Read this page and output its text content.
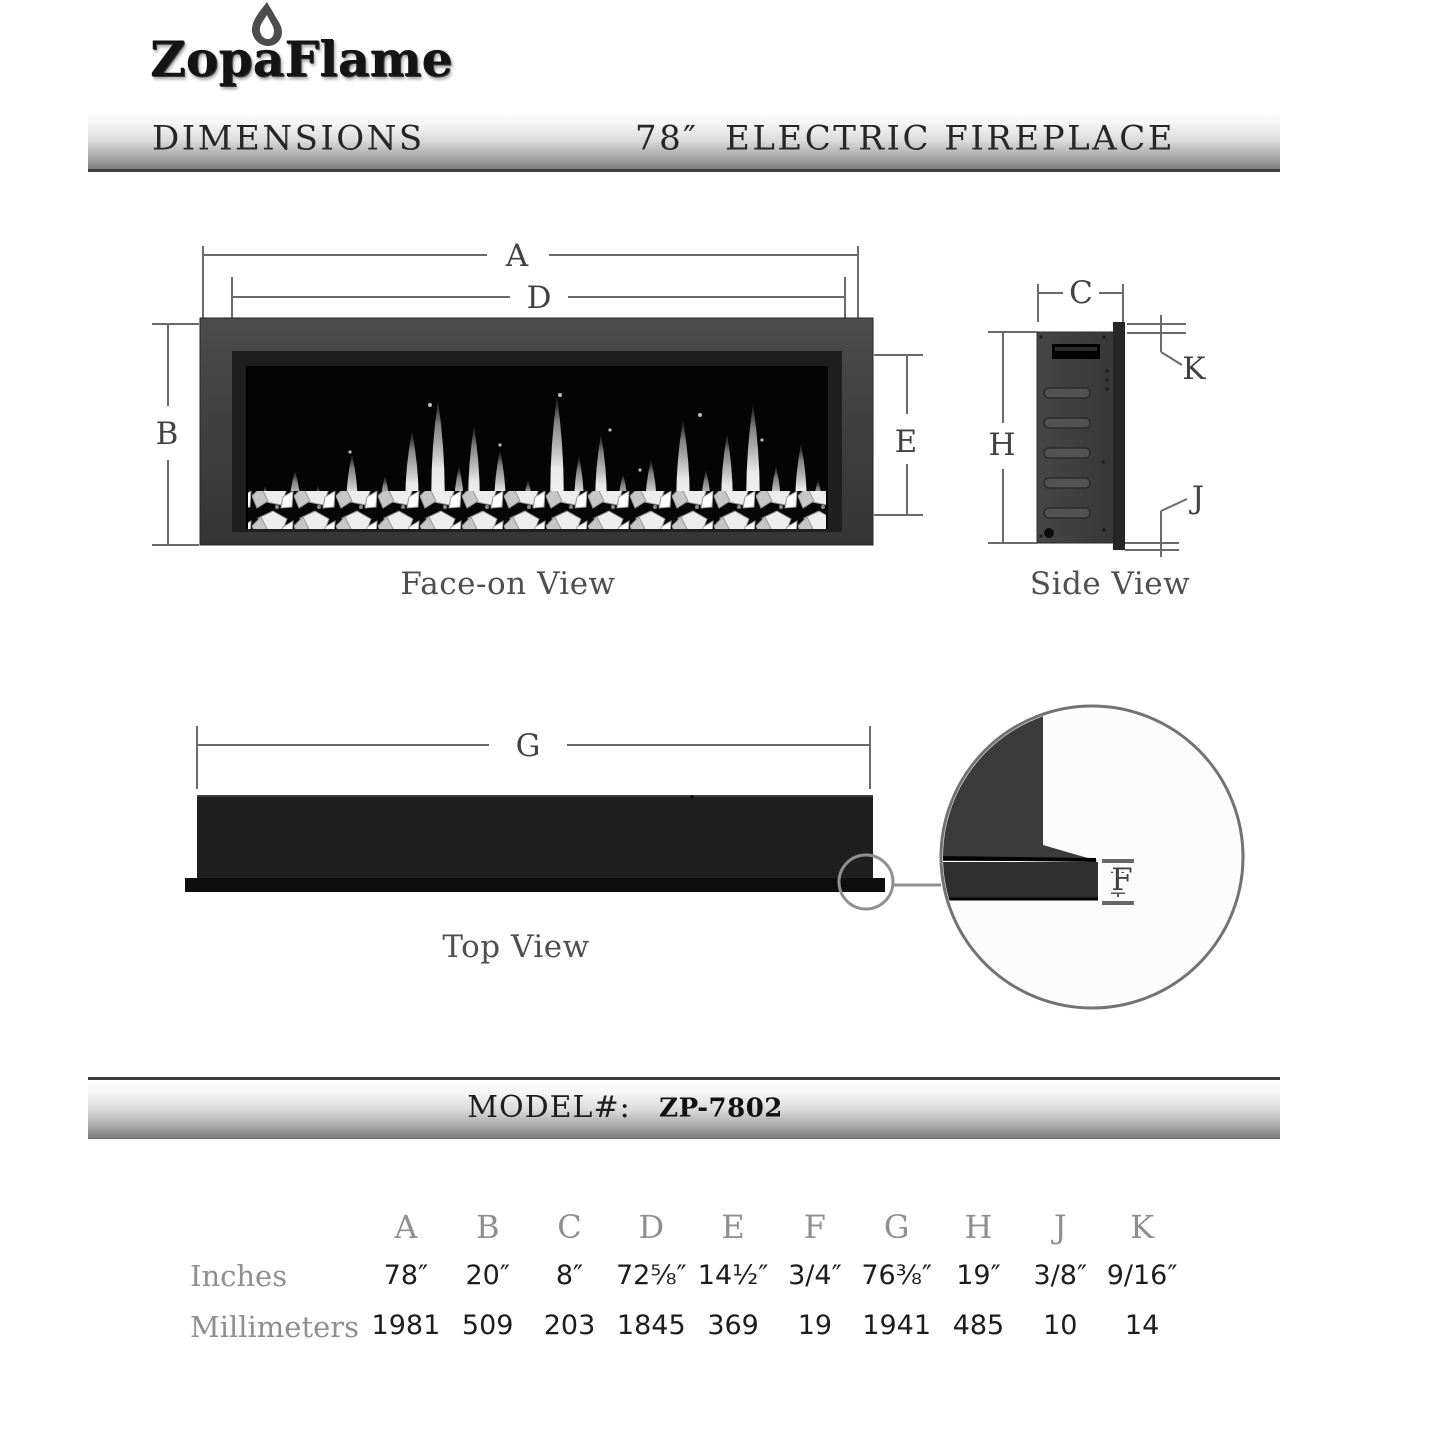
ZopaFlame
DIMENSIONS	78″  ELECTRIC FIREPLACE
A
D
B	E
Face-on View
C
H
K
J
Side View
G
F
Top View
MODEL#: ZP-7802
A	B	C	D	E	F	G	H	J	K
Inches	78″	20″	8″	72⅝″ 14½″ 3/4″ 76⅜″ 19″	3/8″ 9/16″
Millimeters 1981 509	203 1845 369	19	1941 485	10	14
